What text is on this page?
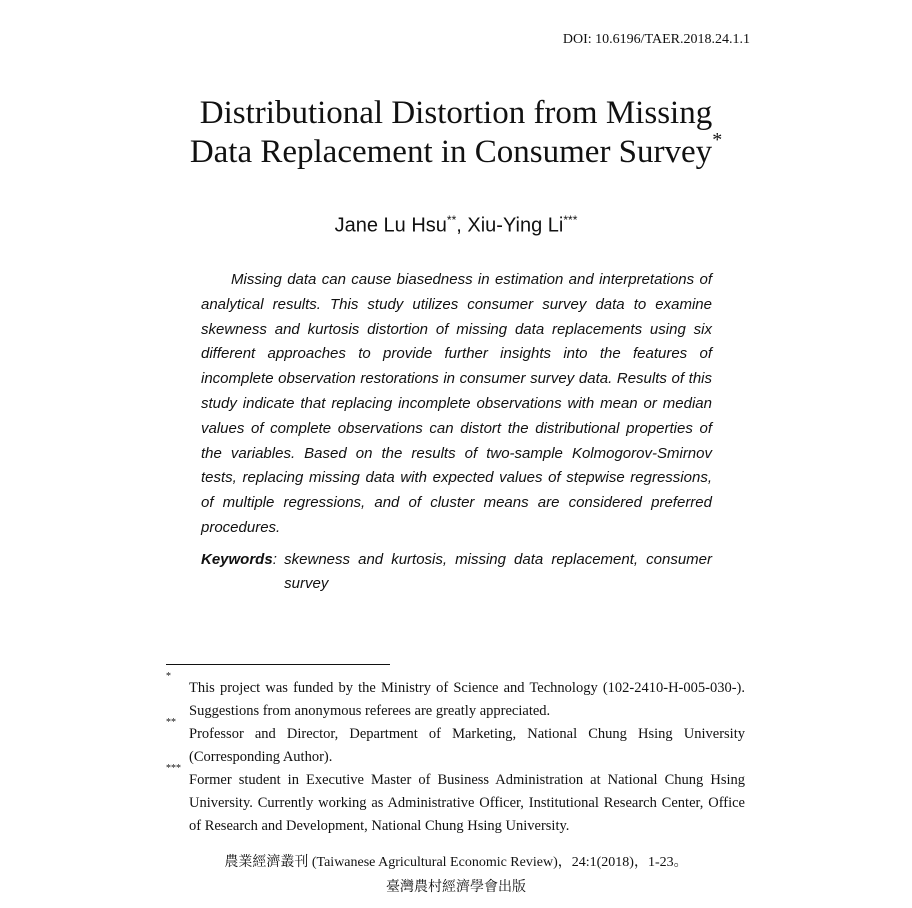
DOI: 10.6196/TAER.2018.24.1.1
Distributional Distortion from Missing
Data Replacement in Consumer Survey*
Jane Lu Hsu**, Xiu-Ying Li***

Missing data can cause biasedness in estimation and interpretations of analytical results. This study utilizes consumer survey data to examine skewness and kurtosis distortion of missing data replacements using six different approaches to provide further insights into the features of incomplete observation restorations in consumer survey data. Results of this study indicate that replacing incomplete observations with mean or median values of complete observations can distort the distributional properties of the variables. Based on the results of two-sample Kolmogorov-Smirnov tests, replacing missing data with expected values of stepwise regressions, of multiple regressions, and of cluster means are considered preferred procedures.

Keywords : skewness and kurtosis, missing data replacement, consumer survey
*
This project was funded by the Ministry of Science and Technology (102-2410-H-005-030-). Suggestions from anonymous referees are greatly appreciated.
**
Professor and Director, Department of Marketing, National Chung Hsing University (Corresponding Author).
***
Former student in Executive Master of Business Administration at National Chung Hsing University. Currently working as Administrative Officer, Institutional Research Center, Office of Research and Development, National Chung Hsing University.
農業經濟叢刊 (Taiwanese Agricultural Economic Review)，24:1(2018)，1-23。
臺灣農村經濟學會出版
